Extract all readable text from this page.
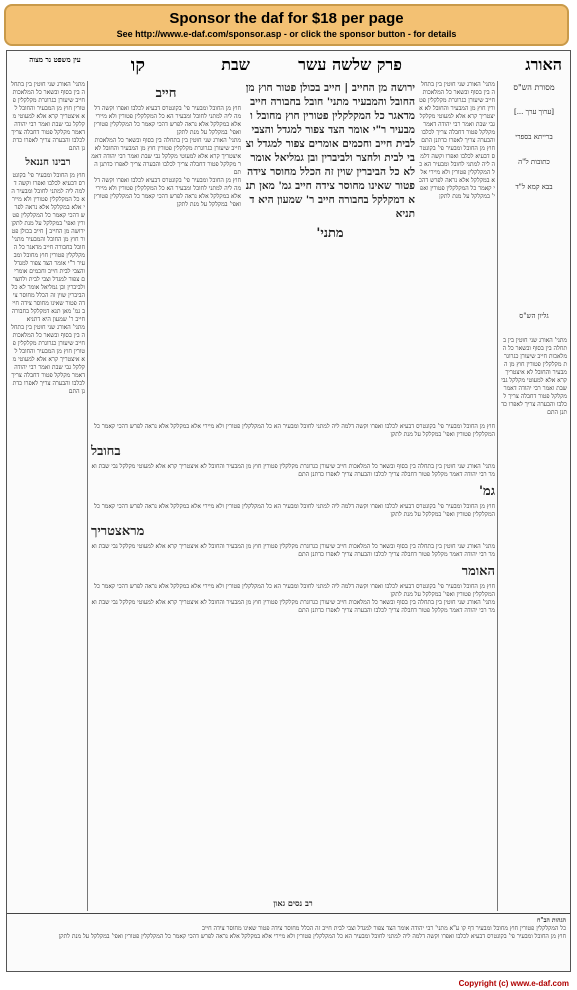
Sponsor the daf for $18 per page
See http://www.e-daf.com/sponsor.asp - or click the sponsor button - for details
האורג
פרק שלשה עשר
שבת
קו
עין משפט נר מצוה
מתני' האורג שני חוטין בין בתחלה בין בסוף ובשאר כל המלאכות חייב שיעורן כגרוגרת מקלקלין פטורין חוץ מן המבעיר והחובל לא איצטריך קרא אלא למעוטי מקלקל גבי שבת ואמר רבי יהודה דאמר מקלקל פטור דחבלה צריך לכלבו והבערה צריך לאפרו כדתנן התם
רבינו חננאל
חוץ מן החובל ומבעיר פי' בקונטרס דבעיא לכלבו ואפרו וקשה דלמה ליה למתני לחובל ומבעיר הא כל המקלקלין פטורין ולא מיירי אלא במקלקל אלא נראה לפרש דהכי קאמר כל המקלקלין פטורין ואפי' במקלקל על מנת לתקן
ירושה מן החייב | חייב בכולן פטור חוץ מן החובל והמבעיר מתני' חובל בחבורה חייב מדאגר כל המקלקלין פטורין חוץ מחובל ומבעיר ר"י אומר הצד צפור למגדל והצבי לבית חייב וחכמים אומרים צפור למגדל וצבי לבית ולחצר ולביברין ובן גמליאל אומר לא כל הביברין שוין זה הכלל מחוסר צידה פטור שאינו מחוסר צידה חייב גמ' מאן תנא דמקלקל בחבורה חייב ר' שמעון היא דתניא
מתני' האורג שני חוטין בין בתחלה בין בסוף ובשאר כל המלאכות חייב שיעורן כגרוגרת מקלקלין פטורין חוץ מן המבעיר והחובל לא איצטריך קרא אלא למעוטי מקלקל גבי שבת ואמר רבי יהודה דאמר מקלקל פטור דחבלה צריך לכלבו והבערה צריך לאפרו כדתנן התם
חייב
חוץ מן החובל ומבעיר פי' בקונטרס דבעיא לכלבו ואפרו וקשה דלמה ליה למתני לחובל ומבעיר הא כל המקלקלין פטורין ולא מיירי אלא במקלקל אלא נראה לפרש דהכי קאמר כל המקלקלין פטורין ואפי' במקלקל על מנת לתקן
מתני' האורג שני חוטין בין בתחלה בין בסוף ובשאר כל המלאכות חייב שיעורן כגרוגרת מקלקלין פטורין חוץ מן המבעיר והחובל לא איצטריך קרא אלא למעוטי מקלקל גבי שבת ואמר רבי יהודה דאמר מקלקל פטור דחבלה צריך לכלבו והבערה צריך לאפרו כדתנן התם
חוץ מן החובל ומבעיר פי' בקונטרס דבעיא לכלבו ואפרו וקשה דלמה ליה למתני לחובל ומבעיר הא כל המקלקלין פטורין ולא מיירי אלא במקלקל אלא נראה לפרש דהכי קאמר כל המקלקלין פטורין ואפי' במקלקל על מנת לתקן
ירושה מן החייב | חייב בכולן פטור חוץ מן החובל והמבעיר מתני' חובל בחבורה חייב מדאגר כל המקלקלין פטורין חוץ מחובל ומבעיר ר"י אומר הצד צפור למגדל והצבי לבית חייב וחכמים אומרים צפור למגדל וצבי לבית ולחצר ולביברין ובן גמליאל אומר לא כל הביברין שוין זה הכלל מחוסר צידה פטור שאינו מחוסר צידה חייב גמ' מאן תנא דמקלקל בחבורה חייב ר' שמעון היא דתניא
מתני'
מתני' האורג שני חוטין בין בתחלה בין בסוף ובשאר כל המלאכות חייב שיעורן כגרוגרת מקלקלין פטורין חוץ מן המבעיר והחובל לא איצטריך קרא אלא למעוטי מקלקל גבי שבת ואמר רבי יהודה דאמר מקלקל פטור דחבלה צריך לכלבו והבערה צריך לאפרו כדתנן התם
חוץ מן החובל ומבעיר פי' בקונטרס דבעיא לכלבו ואפרו וקשה דלמה ליה למתני לחובל ומבעיר הא כל המקלקלין פטורין ולא מיירי אלא במקלקל אלא נראה לפרש דהכי קאמר כל המקלקלין פטורין ואפי' במקלקל על מנת לתקן
חוץ מן החובל ומבעיר פי' בקונטרס דבעיא לכלבו ואפרו וקשה דלמה ליה למתני לחובל ומבעיר הא כל המקלקלין פטורין ולא מיירי אלא במקלקל אלא נראה לפרש דהכי קאמר כל המקלקלין פטורין ואפי' במקלקל על מנת לתקן
בחובל
מתני' האורג שני חוטין בין בתחלה בין בסוף ובשאר כל המלאכות חייב שיעורן כגרוגרת מקלקלין פטורין חוץ מן המבעיר והחובל לא איצטריך קרא אלא למעוטי מקלקל גבי שבת ואמר רבי יהודה דאמר מקלקל פטור דחבלה צריך לכלבו והבערה צריך לאפרו כדתנן התם
גמ'
חוץ מן החובל ומבעיר פי' בקונטרס דבעיא לכלבו ואפרו וקשה דלמה ליה למתני לחובל ומבעיר הא כל המקלקלין פטורין ולא מיירי אלא במקלקל אלא נראה לפרש דהכי קאמר כל המקלקלין פטורין ואפי' במקלקל על מנת לתקן
מראצטריך
מתני' האורג שני חוטין בין בתחלה בין בסוף ובשאר כל המלאכות חייב שיעורן כגרוגרת מקלקלין פטורין חוץ מן המבעיר והחובל לא איצטריך קרא אלא למעוטי מקלקל גבי שבת ואמר רבי יהודה דאמר מקלקל פטור דחבלה צריך לכלבו והבערה צריך לאפרו כדתנן התם
האומר
חוץ מן החובל ומבעיר פי' בקונטרס דבעיא לכלבו ואפרו וקשה דלמה ליה למתני לחובל ומבעיר הא כל המקלקלין פטורין ולא מיירי אלא במקלקל אלא נראה לפרש דהכי קאמר כל המקלקלין פטורין ואפי' במקלקל על מנת לתקן
מתני' האורג שני חוטין בין בתחלה בין בסוף ובשאר כל המלאכות חייב שיעורן כגרוגרת מקלקלין פטורין חוץ מן המבעיר והחובל לא איצטריך קרא אלא למעוטי מקלקל גבי שבת ואמר רבי יהודה דאמר מקלקל פטור דחבלה צריך לכלבו והבערה צריך לאפרו כדתנן התם
מסורת הש"ס
[ערוך ערך ...]
ברייתא בספרי
כתובות ל"ה
בבא קמא ל"ד
גליון הש"ס
מתני' האורג שני חוטין בין בתחלה בין בסוף ובשאר כל המלאכות חייב שיעורן כגרוגרת מקלקלין פטורין חוץ מן המבעיר והחובל לא איצטריך קרא אלא למעוטי מקלקל גבי שבת ואמר רבי יהודה דאמר מקלקל פטור דחבלה צריך לכלבו והבערה צריך לאפרו כדתנן התם
הגהות הב"ח
כל המקלקלין פטורין חוץ מחובל ומבעיר דף קו ע"א מתני' רבי יהודה אומר הצד צפור למגדל וצבי לבית חייב זה הכלל מחוסר צידה פטור שאינו מחוסר צידה חייב
חוץ מן החובל ומבעיר פי' בקונטרס דבעיא לכלבו ואפרו וקשה דלמה ליה למתני לחובל ומבעיר הא כל המקלקלין פטורין ולא מיירי אלא במקלקל אלא נראה לפרש דהכי קאמר כל המקלקלין פטורין ואפי' במקלקל על מנת לתקן
רב נסים גאון
Copyright (c) www.e-daf.com
